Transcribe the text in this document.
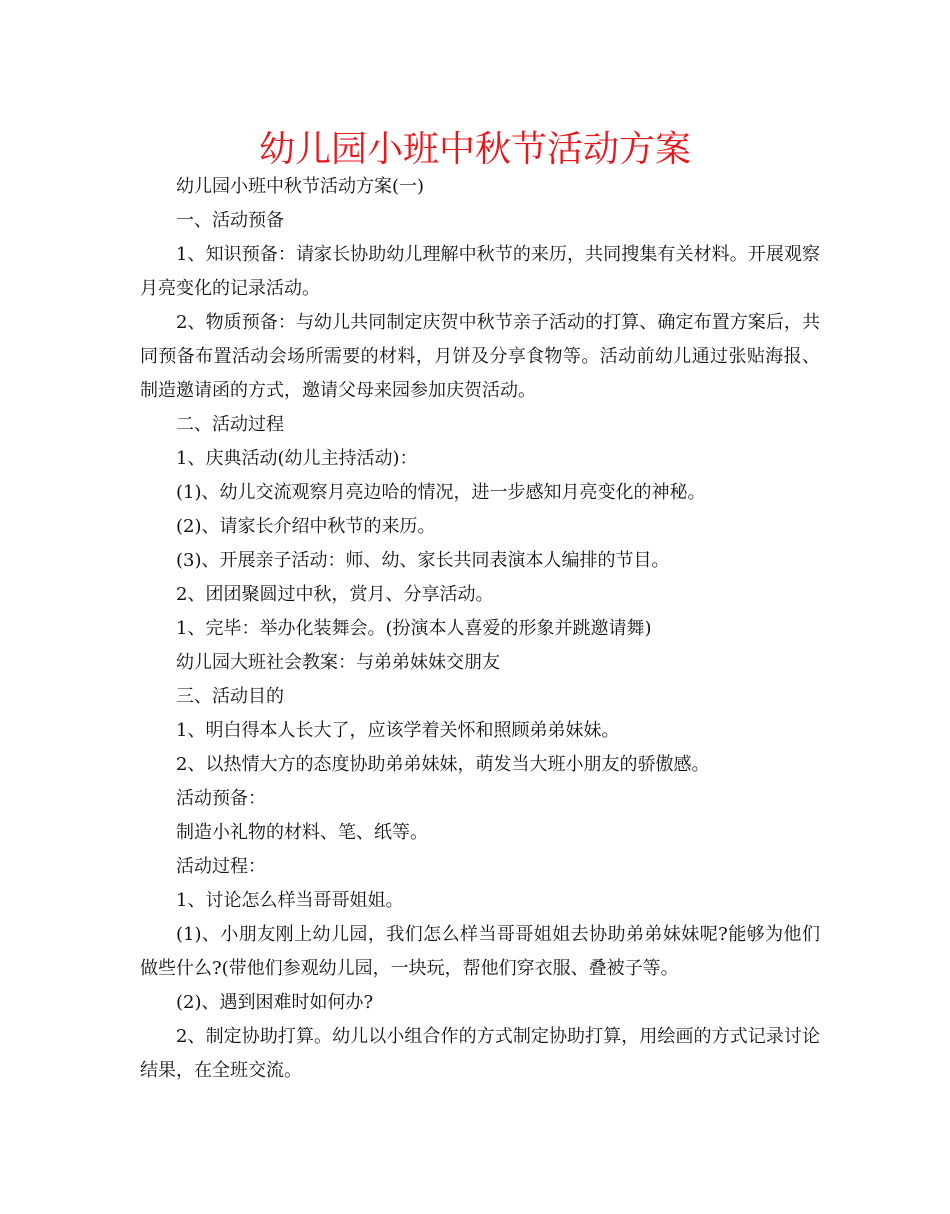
幼儿园小班中秋节活动方案

幼儿园小班中秋节活动方案(一)

一、活动预备

1、知识预备：请家长协助幼儿理解中秋节的来历，共同搜集有关材料。开展观察月亮变化的记录活动。

2、物质预备：与幼儿共同制定庆贺中秋节亲子活动的打算、确定布置方案后，共同预备布置活动会场所需要的材料，月饼及分享食物等。活动前幼儿通过张贴海报、制造邀请函的方式，邀请父母来园参加庆贺活动。

二、活动过程

1、庆典活动(幼儿主持活动)：

(1)、幼儿交流观察月亮边哈的情况，进一步感知月亮变化的神秘。

(2)、请家长介绍中秋节的来历。

(3)、开展亲子活动：师、幼、家长共同表演本人编排的节目。

2、团团聚圆过中秋，赏月、分享活动。

1、完毕：举办化装舞会。(扮演本人喜爱的形象并跳邀请舞)

幼儿园大班社会教案：与弟弟妹妹交朋友

三、活动目的

1、明白得本人长大了，应该学着关怀和照顾弟弟妹妹。

2、以热情大方的态度协助弟弟妹妹，萌发当大班小朋友的骄傲感。

活动预备：

制造小礼物的材料、笔、纸等。

活动过程：

1、讨论怎么样当哥哥姐姐。

(1)、小朋友刚上幼儿园，我们怎么样当哥哥姐姐去协助弟弟妹妹呢?能够为他们做些什么?(带他们参观幼儿园，一块玩，帮他们穿衣服、叠被子等。

(2)、遇到困难时如何办?

2、制定协助打算。幼儿以小组合作的方式制定协助打算，用绘画的方式记录讨论结果，在全班交流。
